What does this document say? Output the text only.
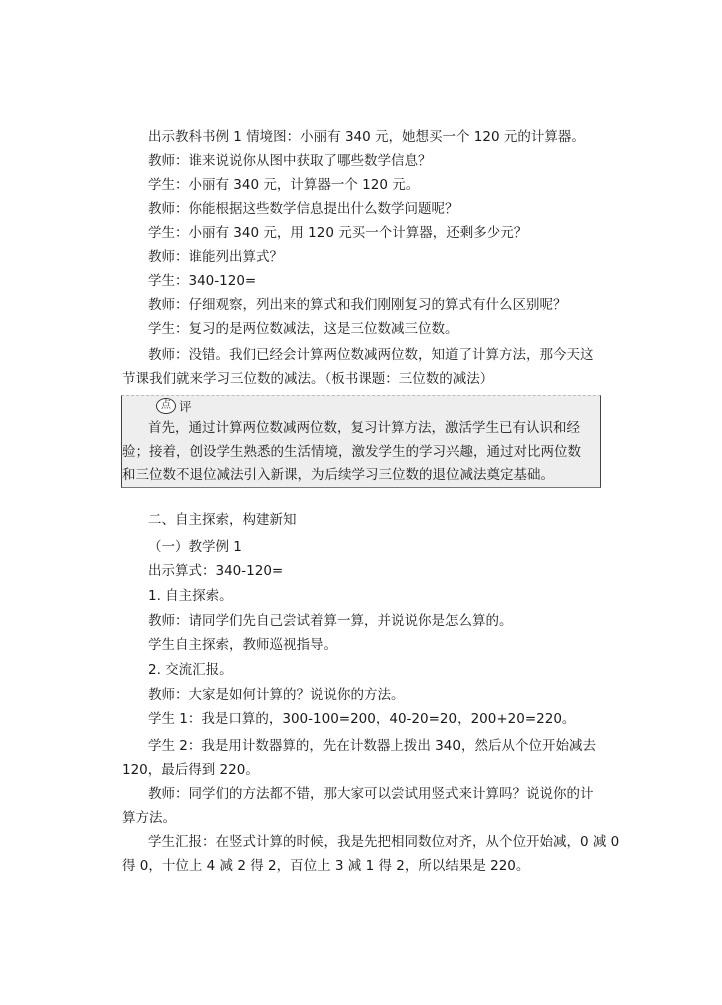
出示教科书例 1 情境图：小丽有 340 元，她想买一个 120 元的计算器。
教师：谁来说说你从图中获取了哪些数学信息？
学生：小丽有 340 元，计算器一个 120 元。
教师：你能根据这些数学信息提出什么数学问题呢？
学生：小丽有 340 元，用 120 元买一个计算器，还剩多少元？
教师：谁能列出算式？
学生：340-120=
教师：仔细观察，列出来的算式和我们刚刚复习的算式有什么区别呢？
学生：复习的是两位数减法，这是三位数减三位数。
教师：没错。我们已经会计算两位数减两位数，知道了计算方法，那今天这
节课我们就来学习三位数的减法。（板书课题：三位数的减法）
点 评
首先，通过计算两位数减两位数，复习计算方法，激活学生已有认识和经
验；接着，创设学生熟悉的生活情境，激发学生的学习兴趣，通过对比两位数
和三位数不退位减法引入新课，为后续学习三位数的退位减法奠定基础。
二、自主探索，构建新知
（一）教学例 1
出示算式：340-120=
1. 自主探索。
教师：请同学们先自己尝试着算一算，并说说你是怎么算的。
学生自主探索，教师巡视指导。
2. 交流汇报。
教师：大家是如何计算的？说说你的方法。
学生 1：我是口算的，300-100=200，40-20=20，200+20=220。
学生 2：我是用计数器算的，先在计数器上拨出 340，然后从个位开始减去
120，最后得到 220。
教师：同学们的方法都不错，那大家可以尝试用竖式来计算吗？说说你的计
算方法。
学生汇报：在竖式计算的时候，我是先把相同数位对齐，从个位开始减，0 减 0
得 0，十位上 4 减 2 得 2，百位上 3 减 1 得 2，所以结果是 220。
